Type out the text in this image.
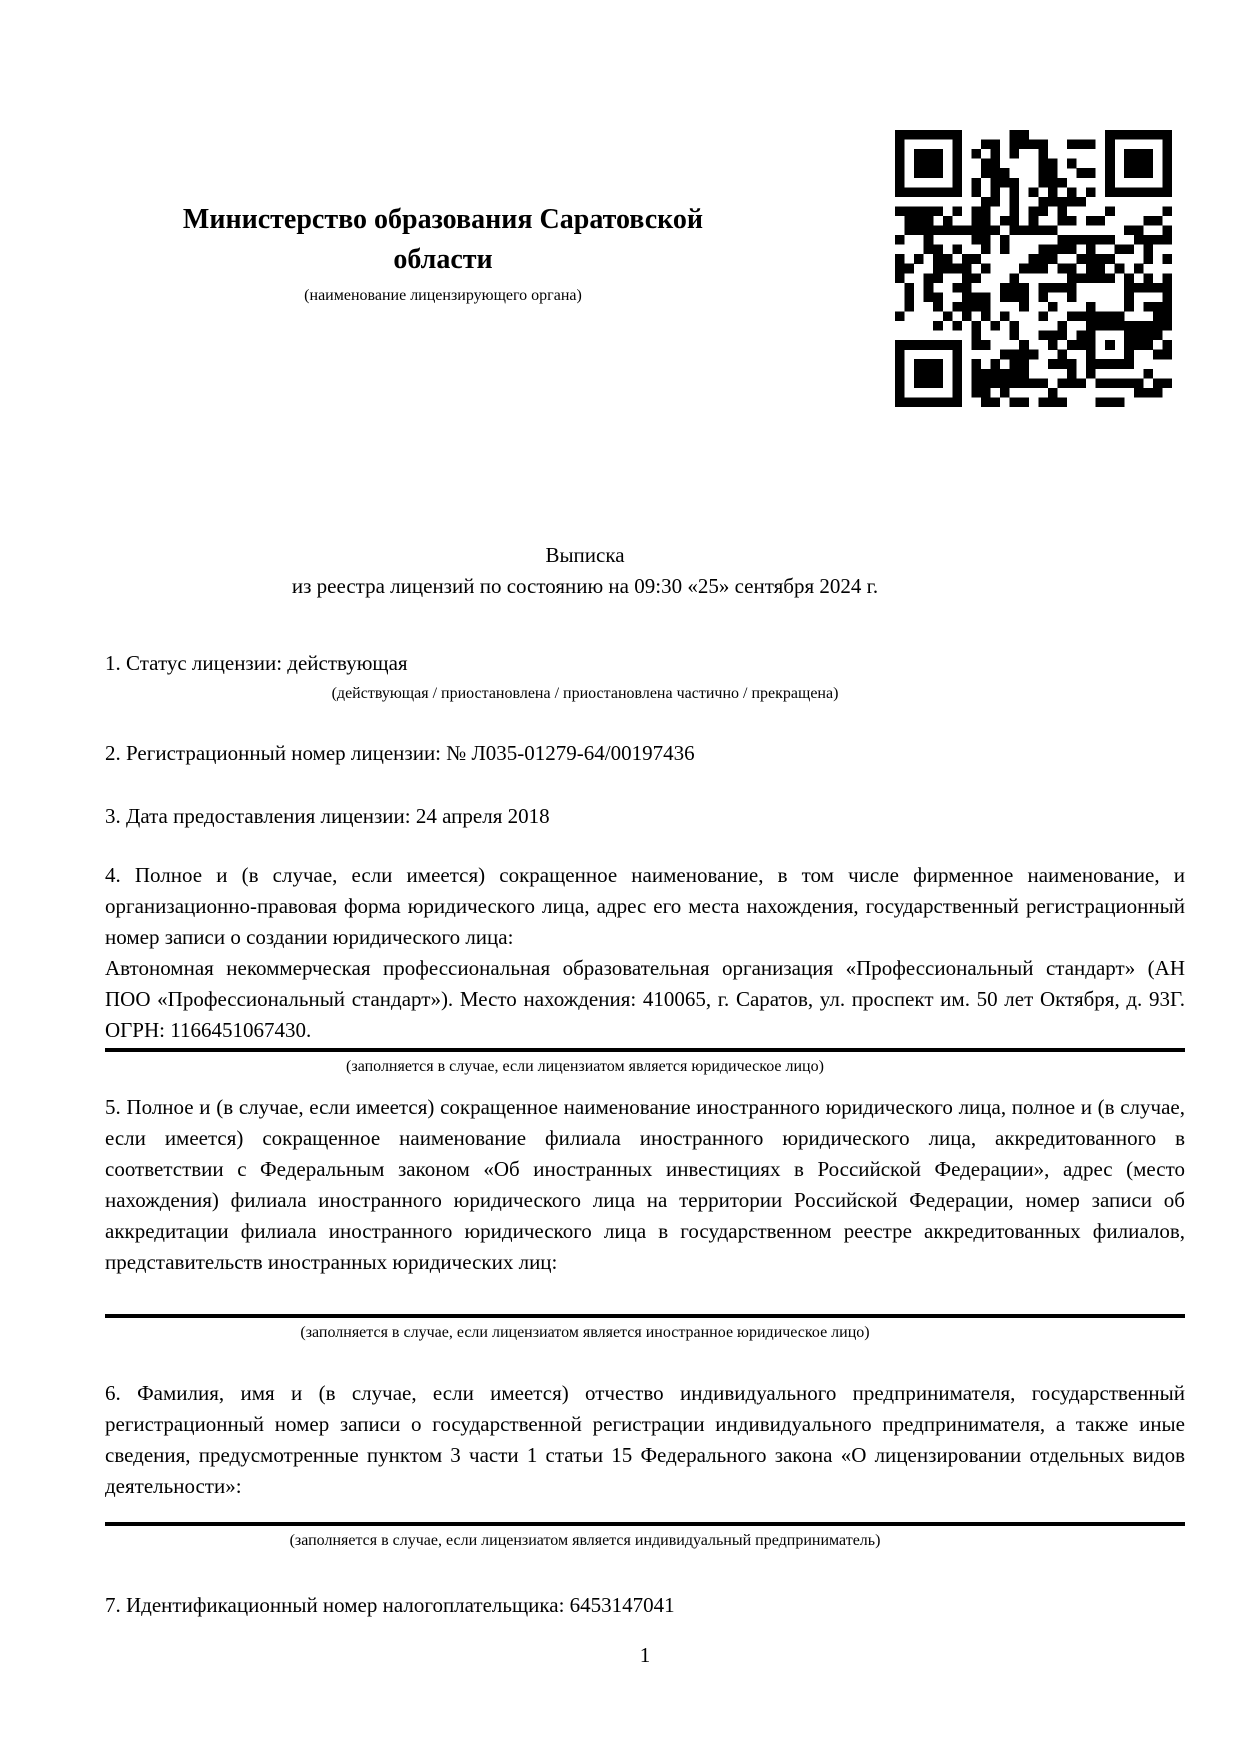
Министерство образования Саратовской области
(наименование лицензирующего органа)
Выписка
из реестра лицензий по состоянию на 09:30 «25» сентября 2024 г.
1. Статус лицензии: действующая
(действующая / приостановлена / приостановлена частично / прекращена)
2. Регистрационный номер лицензии: № Л035-01279-64/00197436
3. Дата предоставления лицензии: 24 апреля 2018
4. Полное и (в случае, если имеется) сокращенное наименование, в том числе фирменное наименование, и организационно-правовая форма юридического лица, адрес его места нахождения, государственный регистрационный номер записи о создании юридического лица:
Автономная некоммерческая профессиональная образовательная организация «Профессиональный стандарт» (АН ПОО «Профессиональный стандарт»). Место нахождения: 410065, г. Саратов, ул. проспект им. 50 лет Октября, д. 93Г. ОГРН: 1166451067430.
(заполняется в случае, если лицензиатом является юридическое лицо)
5. Полное и (в случае, если имеется) сокращенное наименование иностранного юридического лица, полное и (в случае, если имеется) сокращенное наименование филиала иностранного юридического лица, аккредитованного в соответствии с Федеральным законом «Об иностранных инвестициях в Российской Федерации», адрес (место нахождения) филиала иностранного юридического лица на территории Российской Федерации, номер записи об аккредитации филиала иностранного юридического лица в государственном реестре аккредитованных филиалов, представительств иностранных юридических лиц:
(заполняется в случае, если лицензиатом является иностранное юридическое лицо)
6. Фамилия, имя и (в случае, если имеется) отчество индивидуального предпринимателя, государственный регистрационный номер записи о государственной регистрации индивидуального предпринимателя, а также иные сведения, предусмотренные пунктом 3 части 1 статьи 15 Федерального закона «О лицензировании отдельных видов деятельности»:
(заполняется в случае, если лицензиатом является индивидуальный предприниматель)
7. Идентификационный номер налогоплательщика: 6453147041
1
